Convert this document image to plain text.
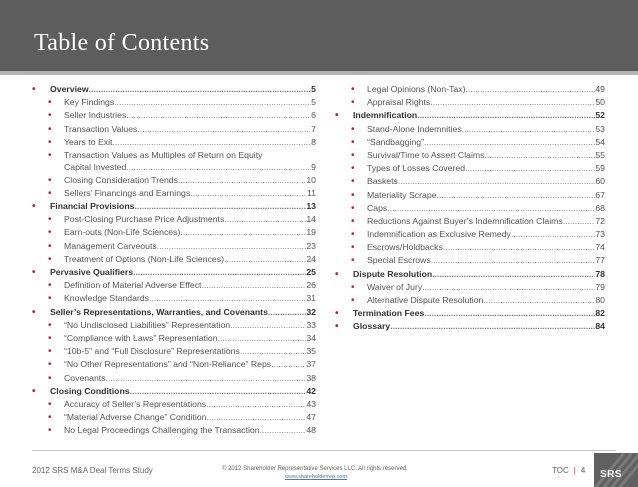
Table of Contents
• Overview .....	5
• Key Findings .....	5
• Seller Industries .....	6
• Transaction Values .....	7
• Years to Exit .....	8
• Transaction Values as Multiples of Return on Equity
Capital Invested .....	9
• Closing Consideration Trends .....	10
• Sellers’ Financings and Earnings .....	11
• Financial Provisions .....	13
• Post-Closing Purchase Price Adjustments .....	14
• Earn-outs (Non-Life Sciences) .....	19
• Management Carveouts .....	23
• Treatment of Options (Non-Life Sciences) .....	24
• Pervasive Qualifiers .....	25
• Definition of Material Adverse Effect .....	26
• Knowledge Standards .....	31
• Seller’s Representations, Warranties, and Covenants .....	32
• “No Undisclosed Liabilities” Representation .....	33
• “Compliance with Laws” Representation .....	34
• “10b-5” and “Full Disclosure” Representations .....	35
• “No Other Representations” and “Non-Reliance” Reps .....	37
• Covenants .....	38
• Closing Conditions .....	42
• Accuracy of Seller’s Representations .....	43
• “Material Adverse Change” Condition .....	47
• No Legal Proceedings Challenging the Transaction .....	48
• Legal Opinions (Non-Tax) .....	49
• Appraisal Rights .....	50
• Indemnification .....	52
• Stand-Alone Indemnities .....	53
• “Sandbagging” .....	54
• Survival/Time to Assert Claims .....	55
• Types of Losses Covered .....	59
• Baskets .....	60
• Materiality Scrape .....	67
• Caps .....	68
• Reductions Against Buyer’s Indemnification Claims .....	72
• Indemnification as Exclusive Remedy .....	73
• Escrows/Holdbacks .....	74
• Special Escrows .....	77
• Dispute Resolution .....	78
• Waiver of Jury .....	79
• Alternative Dispute Resolution .....	80
• Termination Fees .....	82
• Glossary .....	84
2012 SRS M&A Deal Terms Study	© 2012 Shareholder Representative Services LLC. All rights reserved.
www.shareholderrep.com
TOC | 4 SRS
